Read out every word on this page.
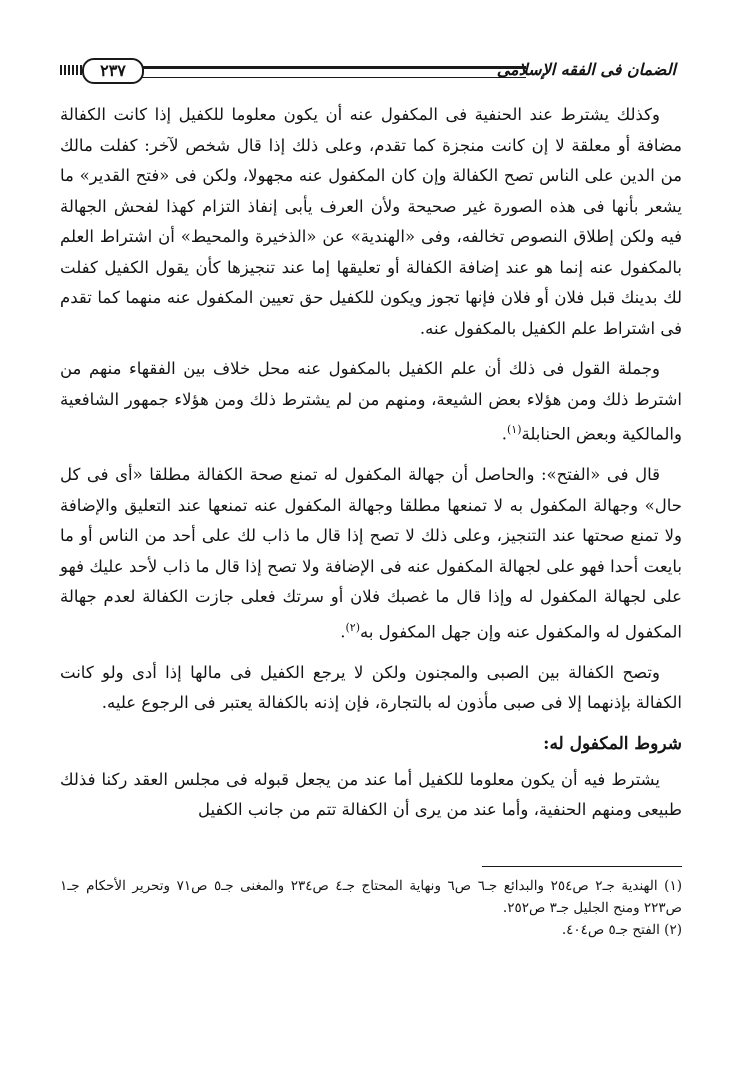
الضمان فى الفقه الإسلامى
٢٣٧

وكذلك يشترط عند الحنفية فى المكفول عنه أن يكون معلوما للكفيل إذا كانت الكفالة مضافة أو معلقة لا إن كانت منجزة كما تقدم، وعلى ذلك إذا قال شخص لآخر: كفلت مالك من الدين على الناس تصح الكفالة وإن كان المكفول عنه مجهولا، ولكن فى «فتح القدير» ما يشعر بأنها فى هذه الصورة غير صحيحة ولأن العرف يأبى إنفاذ التزام كهذا لفحش الجهالة فيه ولكن إطلاق النصوص تخالفه، وفى «الهندية» عن «الذخيرة والمحيط» أن اشتراط العلم بالمكفول عنه إنما هو عند إضافة الكفالة أو تعليقها إما عند تنجيزها كأن يقول الكفيل كفلت لك بدينك قبل فلان أو فلان فإنها تجوز ويكون للكفيل حق تعيين المكفول عنه منهما كما تقدم فى اشتراط علم الكفيل بالمكفول عنه.

وجملة القول فى ذلك أن علم الكفيل بالمكفول عنه محل خلاف بين الفقهاء منهم من اشترط ذلك ومن هؤلاء بعض الشيعة، ومنهم من لم يشترط ذلك ومن هؤلاء جمهور الشافعية والمالكية وبعض الحنابلة$^{(١)}$.

قال فى «الفتح»: والحاصل أن جهالة المكفول له تمنع صحة الكفالة مطلقا «أى فى كل حال» وجهالة المكفول به لا تمنعها مطلقا وجهالة المكفول عنه تمنعها عند التعليق والإضافة ولا تمنع صحتها عند التنجيز، وعلى ذلك لا تصح إذا قال ما ذاب لك على أحد من الناس أو ما بايعت أحدا فهو على لجهالة المكفول عنه فى الإضافة ولا تصح إذا قال ما ذاب لأحد عليك فهو على لجهالة المكفول له وإذا قال ما غصبك فلان أو سرتك فعلى جازت الكفالة لعدم جهالة المكفول له والمكفول عنه وإن جهل المكفول به$^{(٢)}$.

وتصح الكفالة بين الصبى والمجنون ولكن لا يرجع الكفيل فى مالها إذا أدى ولو كانت الكفالة بإذنهما إلا فى صبى مأذون له بالتجارة، فإن إذنه بالكفالة يعتبر فى الرجوع عليه.

شروط المكفول له:

يشترط فيه أن يكون معلوما للكفيل أما عند من يجعل قبوله فى مجلس العقد ركنا فذلك طبيعى ومنهم الحنفية، وأما عند من يرى أن الكفالة تتم من جانب الكفيل

(١) الهندية جـ٢ ص٢٥٤ والبدائع جـ٦ ص٦ ونهاية المحتاج جـ٤ ص٢٣٤ والمغنى جـ٥ ص٧١ وتحرير الأحكام جـ١ ص٢٢٣ ومنح الجليل جـ٣ ص٢٥٢.

(٢) الفتح جـ٥ ص٤٠٤.
